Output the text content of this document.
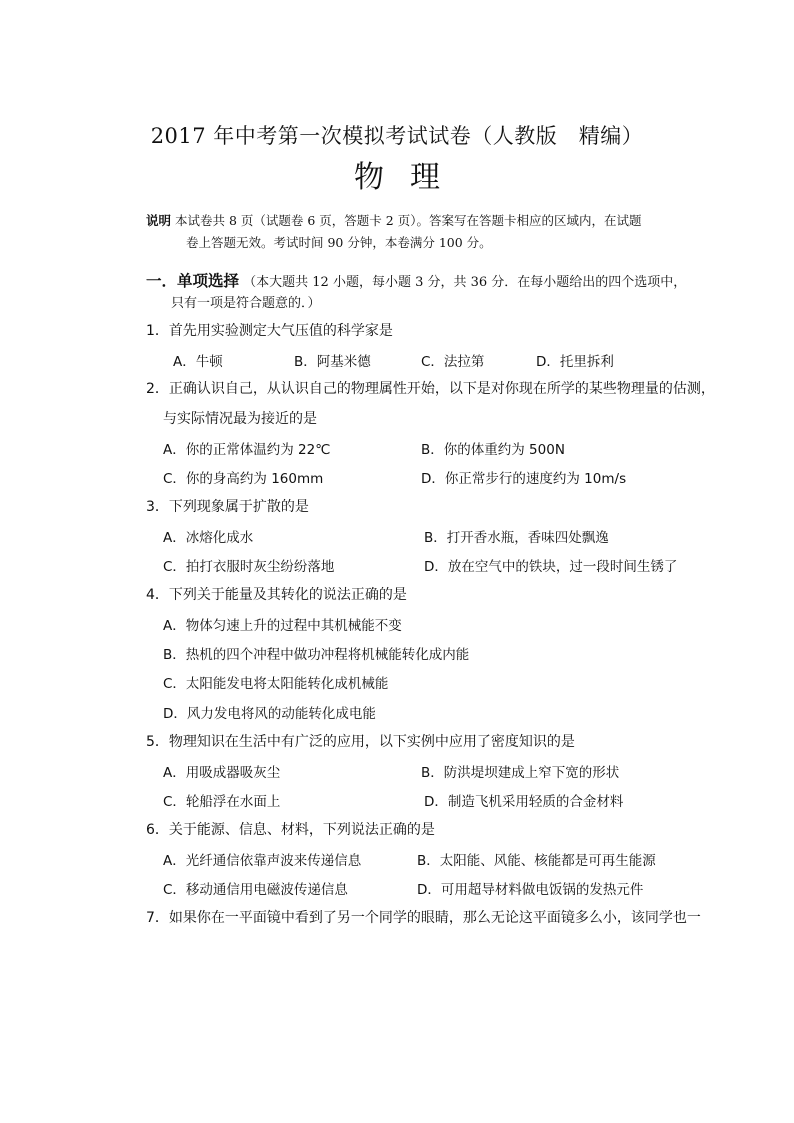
2017 年中考第一次模拟考试试卷（人教版　精编）
物理
说明 本试卷共 8 页（试题卷 6 页，答题卡 2 页）。答案写在答题卡相应的区域内，在试题
卷上答题无效。考试时间 90 分钟，本卷满分 100 分。
一．单项选择 （本大题共 12 小题，每小题 3 分，共 36 分．在每小题给出的四个选项中，
只有一项是符合题意的．）
1．首先用实验测定大气压值的科学家是
A．牛顿	B．阿基米德	C．法拉第	D．托里拆利
2．正确认识自己，从认识自己的物理属性开始，以下是对你现在所学的某些物理量的估测，
与实际情况最为接近的是
A．你的正常体温约为 22℃	B．你的体重约为 500N
C．你的身高约为 160mm	D．你正常步行的速度约为 10m/s
3．下列现象属于扩散的是
A．冰熔化成水	B．打开香水瓶，香味四处飘逸
C．拍打衣服时灰尘纷纷落地	D．放在空气中的铁块，过一段时间生锈了
4．下列关于能量及其转化的说法正确的是
A．物体匀速上升的过程中其机械能不变
B．热机的四个冲程中做功冲程将机械能转化成内能
C．太阳能发电将太阳能转化成机械能
D．风力发电将风的动能转化成电能
5．物理知识在生活中有广泛的应用，以下实例中应用了密度知识的是
A．用吸成器吸灰尘	B．防洪堤坝建成上窄下宽的形状
C．轮船浮在水面上	D．制造飞机采用轻质的合金材料
6．关于能源、信息、材料，下列说法正确的是
A．光纤通信依靠声波来传递信息	B．太阳能、风能、核能都是可再生能源
C．移动通信用电磁波传递信息	D．可用超导材料做电饭锅的发热元件
7．如果你在一平面镜中看到了另一个同学的眼睛，那么无论这平面镜多么小，该同学也一
